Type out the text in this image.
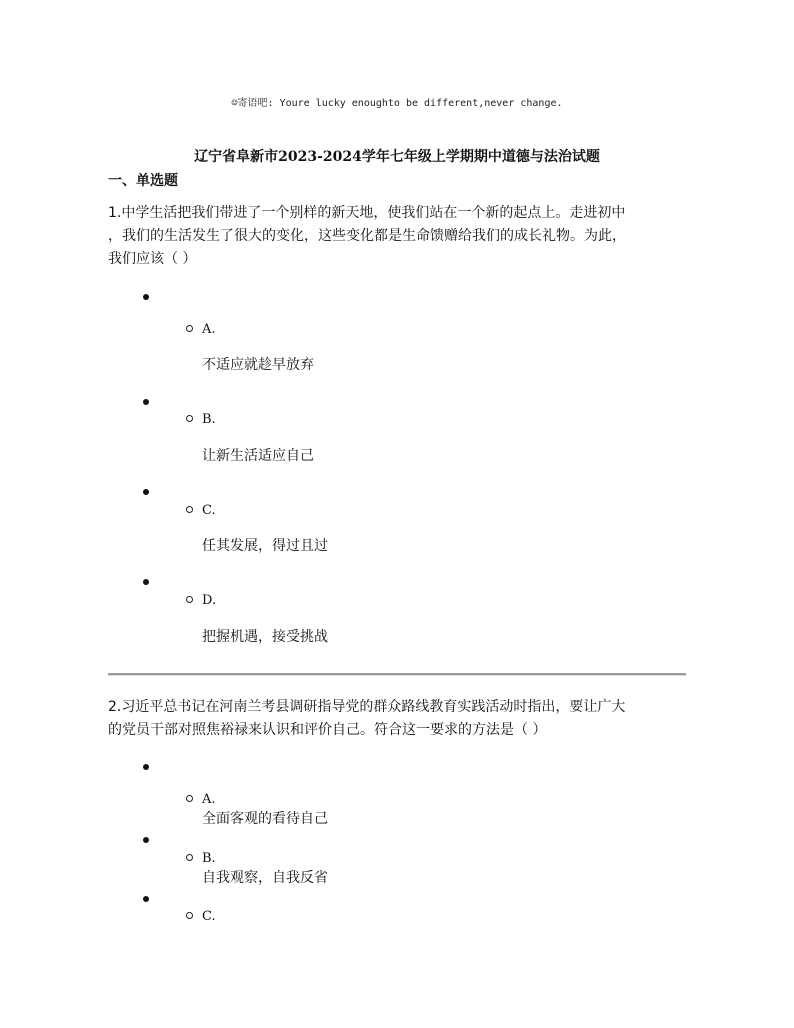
☺寄语吧: Youre lucky enoughto be different,never change.
辽宁省阜新市2023-2024学年七年级上学期期中道德与法治试题
一、单选题
1.中学生活把我们带进了一个别样的新天地，使我们站在一个新的起点上。走进初中
，我们的生活发生了很大的变化，这些变化都是生命馈赠给我们的成长礼物。为此，
我们应该（ ）
A.
不适应就趁早放弃
B.
让新生活适应自己
C.
任其发展，得过且过
D.
把握机遇，接受挑战
2.习近平总书记在河南兰考县调研指导党的群众路线教育实践活动时指出，要让广大
的党员干部对照焦裕禄来认识和评价自己。符合这一要求的方法是（ ）
A.
全面客观的看待自己
B.
自我观察，自我反省
C.
